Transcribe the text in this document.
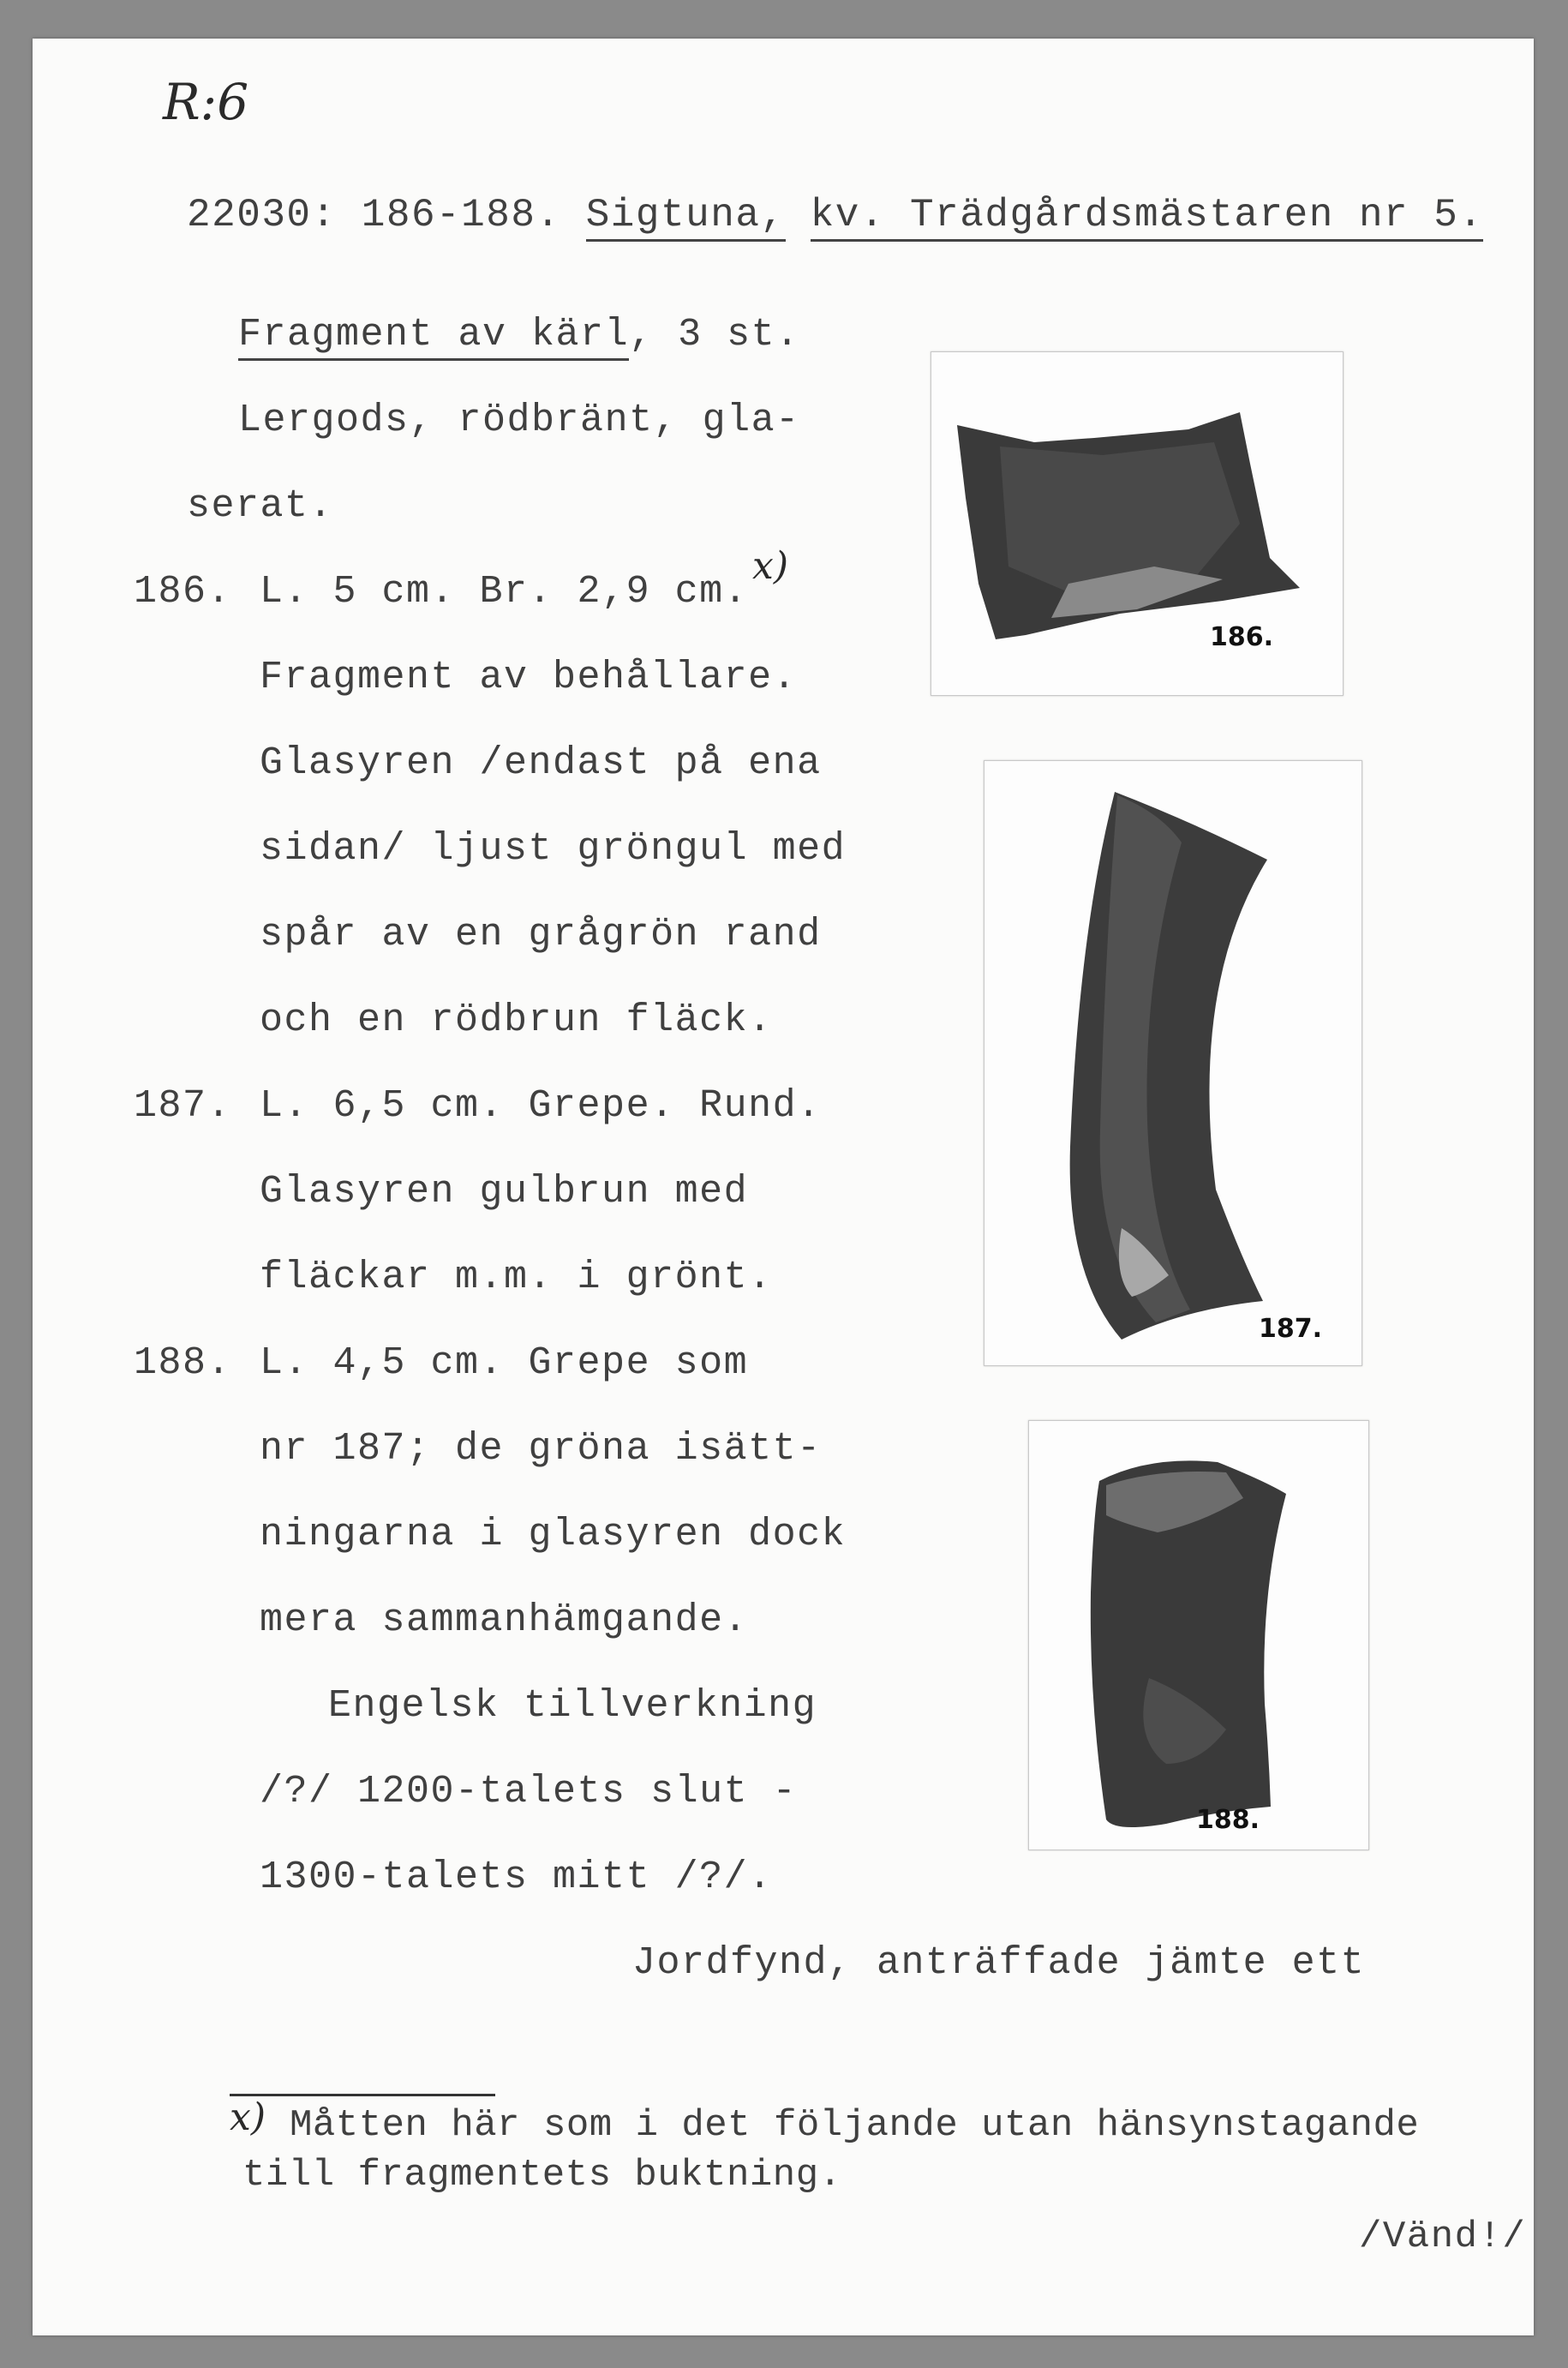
R:6
22030: 186-188. Sigtuna, kv. Trädgårdsmästaren nr 5.
Fragment av kärl, 3 st.
Lergods, rödbränt, gla-
serat.
186. L. 5 cm. Br. 2,9 cm.
x)
Fragment av behållare.
Glasyren /endast på ena
sidan/ ljust gröngul med
spår av en grågrön rand
och en rödbrun fläck.
187. L. 6,5 cm. Grepe. Rund.
Glasyren gulbrun med
fläckar m.m. i grönt.
188. L. 4,5 cm. Grepe som
nr 187; de gröna isätt-
ningarna i glasyren dock
mera sammanhämgande.
Engelsk tillverkning
/?/ 1200-talets slut -
1300-talets mitt /?/.
Jordfynd, anträffade jämte ett
x) Måtten här som i det följande utan hänsynstagande
till fragmentets buktning.
/Vänd!/
186.
187.
188.
